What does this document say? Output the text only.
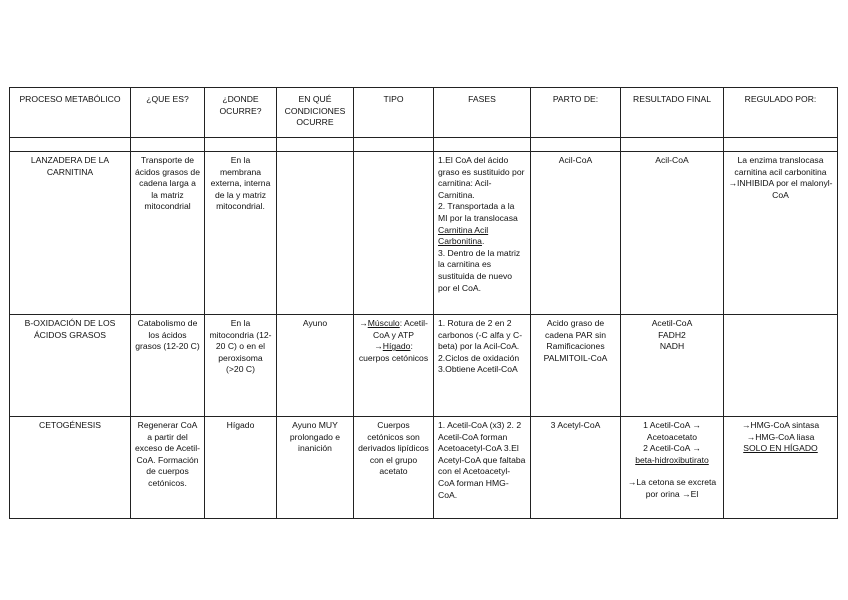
PROCESO METABÓLICO	¿QUE ES?	¿DONDE OCURRE?	EN QUÉ CONDICIONES OCURRE	TIPO	FASES	PARTO DE:	RESULTADO FINAL	REGULADO POR:

LANZADERA DE LA CARNITINA	Transporte de ácidos grasos de cadena larga a la matriz mitocondrial	En la membrana externa, interna de la y matriz mitocondrial.			1.El CoA del ácido graso es sustituido por carnitina: Acil-Carnitina.
2. Transportada a la MI por la translocasa Carnitina Acil Carbonitina.
3. Dentro de la matriz la carnitina es sustituida de nuevo por el CoA.	Acil-CoA	Acil-CoA	La enzima translocasa carnitina acil carbonitina →INHIBIDA por el malonyl-CoA
B-OXIDACIÓN DE LOS ÁCIDOS GRASOS	Catabolismo de los ácidos grasos (12-20 C)	En la mitocondria (12-20 C) o en el peroxisoma (>20 C)	Ayuno	→Músculo: Acetil-CoA y ATP
→Hígado: cuerpos cetónicos	1. Rotura de 2 en 2 carbonos (-C alfa y C-beta) por la Acil-CoA. 2.Ciclos de oxidación 3.Obtiene Acetil-CoA	Acido graso de cadena PAR sin Ramificaciones PALMITOIL-CoA	Acetil-CoA
FADH2
NADH	

CETOGÉNESIS	Regenerar CoA a partir del exceso de Acetil-CoA. Formación de cuerpos cetónicos.	Hígado	Ayuno MUY prolongado e inanición	Cuerpos cetónicos son derivados lipídicos con el grupo acetato	1. Acetil-CoA (x3) 2. 2 Acetil-CoA forman Acetoacetyl-CoA 3.El Acetyl-CoA que faltaba con el Acetoacetyl-CoA forman HMG-CoA.	3 Acetyl-CoA	1 Acetil-CoA → Acetoacetato
2 Acetil-CoA →
beta-hidroxibutirato
→La cetona se excreta por orina →El	→HMG-CoA sintasa
→HMG-CoA liasa
SOLO EN HÍGADO
